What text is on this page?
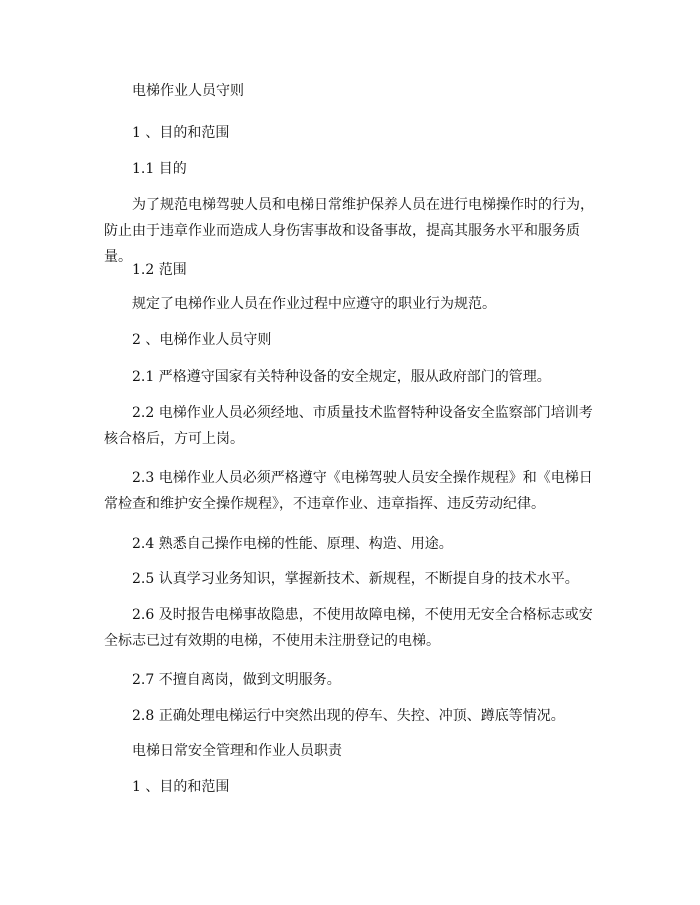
电梯作业人员守则

1 、目的和范围

1.1 目的

为了规范电梯驾驶人员和电梯日常维护保养人员在进行电梯操作时的行为，防止由于违章作业而造成人身伤害事故和设备事故，提高其服务水平和服务质量。

1.2 范围

规定了电梯作业人员在作业过程中应遵守的职业行为规范。

2 、电梯作业人员守则

2.1 严格遵守国家有关特种设备的安全规定，服从政府部门的管理。

2.2 电梯作业人员必须经地、市质量技术监督特种设备安全监察部门培训考核合格后，方可上岗。

2.3 电梯作业人员必须严格遵守《电梯驾驶人员安全操作规程》和《电梯日常检查和维护安全操作规程》，不违章作业、违章指挥、违反劳动纪律。

2.4 熟悉自己操作电梯的性能、原理、构造、用途。

2.5 认真学习业务知识，掌握新技术、新规程，不断提自身的技术水平。

2.6 及时报告电梯事故隐患，不使用故障电梯，不使用无安全合格标志或安全标志已过有效期的电梯，不使用未注册登记的电梯。

2.7 不擅自离岗，做到文明服务。

2.8 正确处理电梯运行中突然出现的停车、失控、冲顶、蹲底等情况。

电梯日常安全管理和作业人员职责

1 、目的和范围
